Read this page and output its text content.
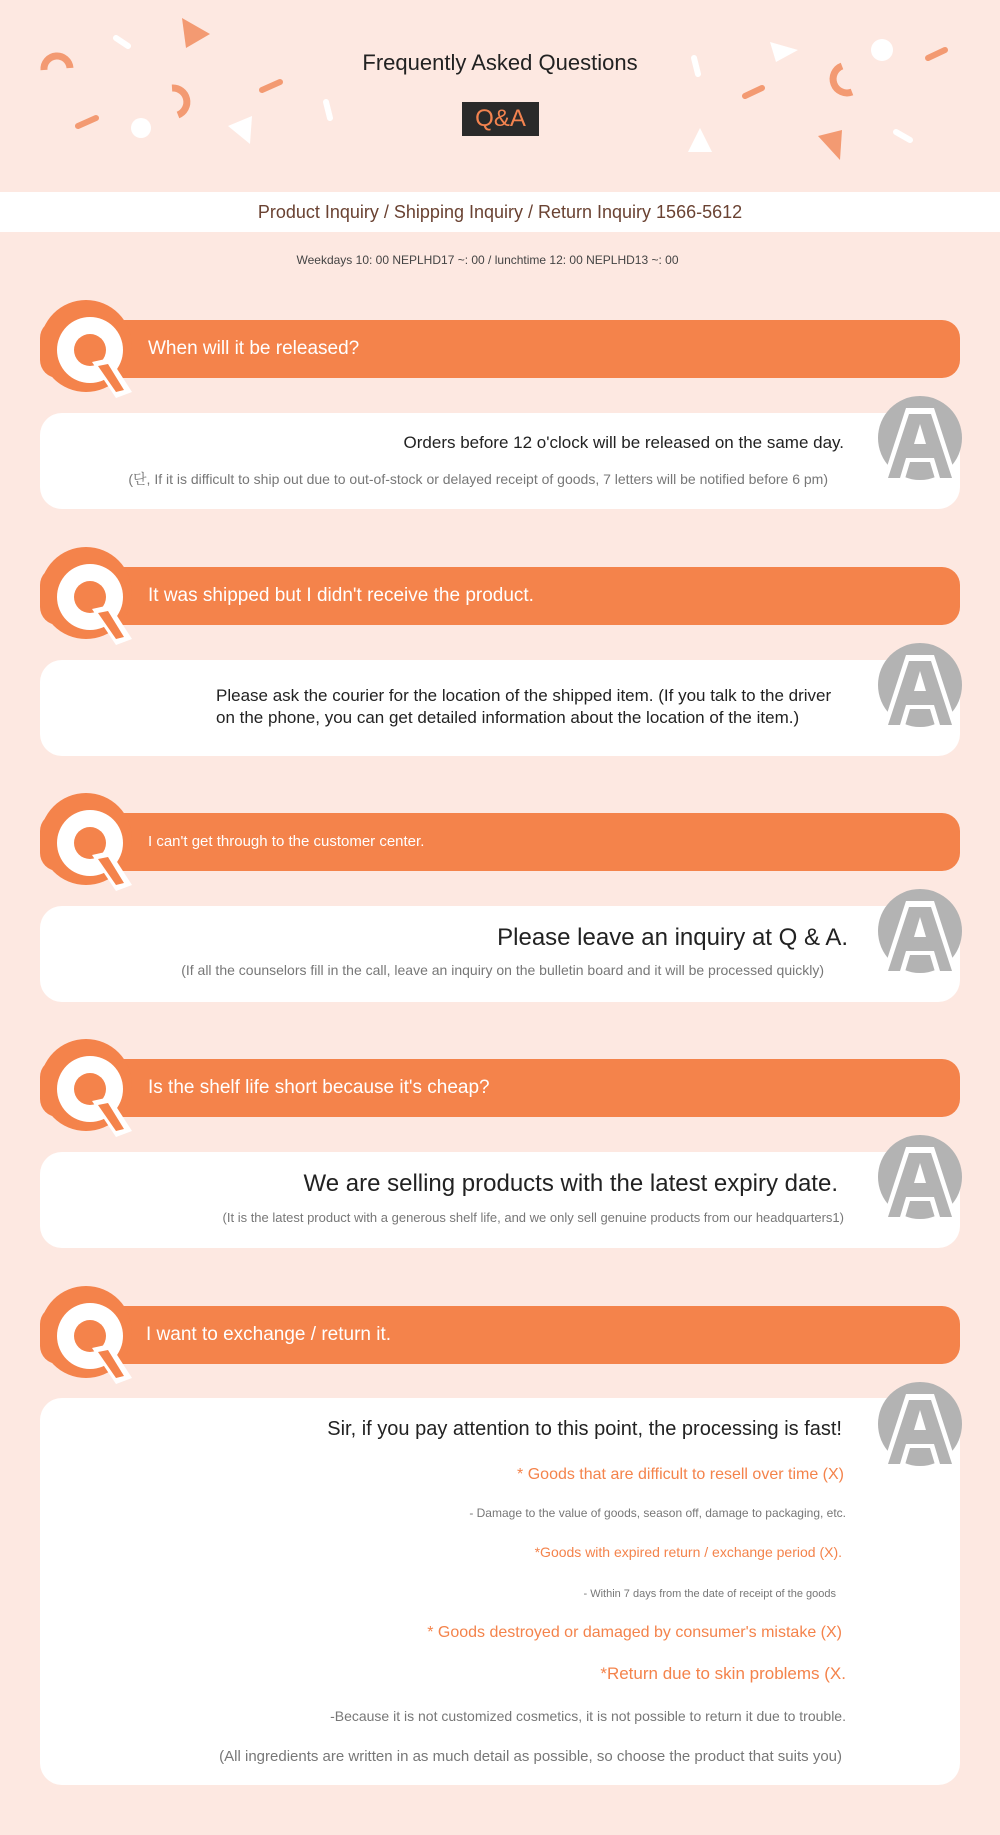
Frequently Asked Questions
Q&A
Product Inquiry / Shipping Inquiry / Return Inquiry 1566-5612
Weekdays 10: 00 NEPLHD17 ~: 00 / lunchtime 12: 00 NEPLHD13 ~: 00
When will it be released?
Orders before 12 o'clock will be released on the same day.
(단, If it is difficult to ship out due to out-of-stock or delayed receipt of goods, 7 letters will be notified before 6 pm)
It was shipped but I didn't receive the product.
Please ask the courier for the location of the shipped item. (If you talk to the driver
on the phone, you can get detailed information about the location of the item.)
I can't get through to the customer center.
Please leave an inquiry at Q & A.
(If all the counselors fill in the call, leave an inquiry on the bulletin board and it will be processed quickly)
Is the shelf life short because it's cheap?
We are selling products with the latest expiry date.
(It is the latest product with a generous shelf life, and we only sell genuine products from our headquarters1)
I want to exchange / return it.
Sir, if you pay attention to this point, the processing is fast!
* Goods that are difficult to resell over time (X)
- Damage to the value of goods, season off, damage to packaging, etc.
*Goods with expired return / exchange period (X).
- Within 7 days from the date of receipt of the goods
* Goods destroyed or damaged by consumer's mistake (X)
*Return due to skin problems (X.
-Because it is not customized cosmetics, it is not possible to return it due to trouble.
(All ingredients are written in as much detail as possible, so choose the product that suits you)
